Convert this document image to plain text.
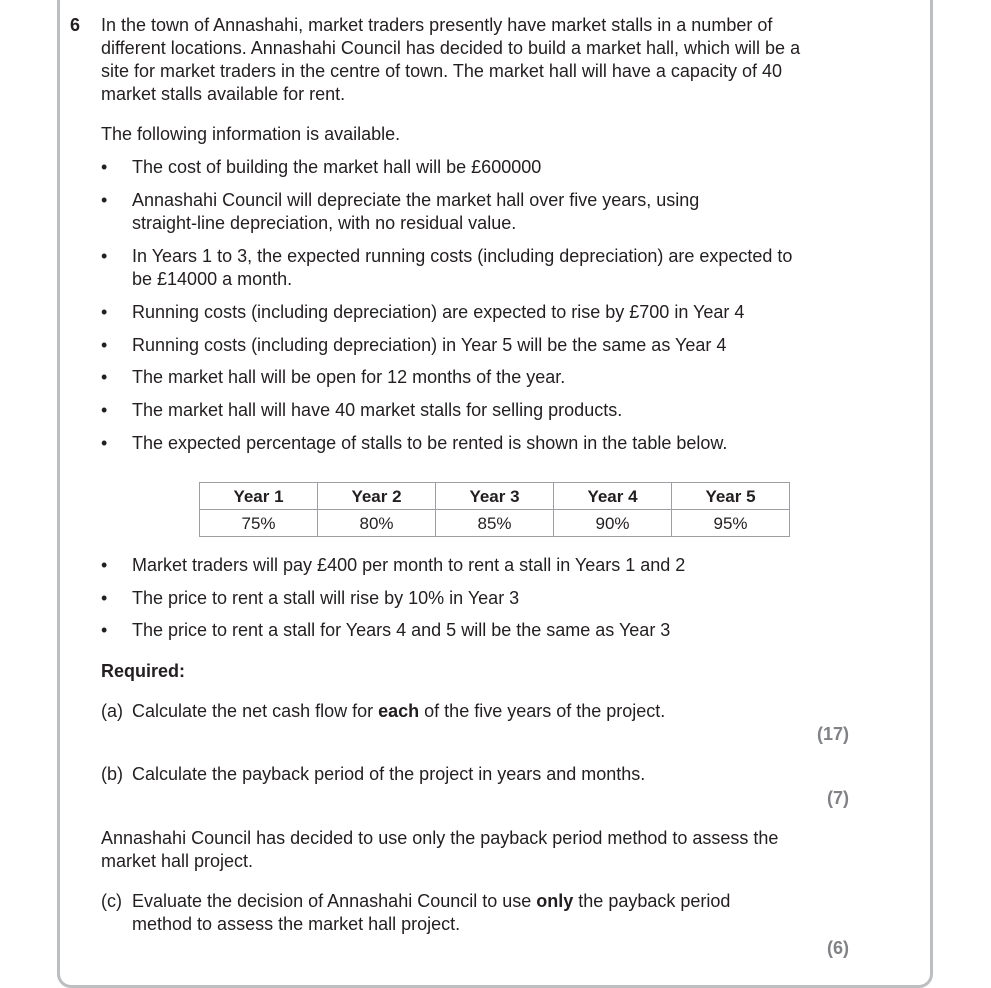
6 In the town of Annashahi, market traders presently have market stalls in a number of different locations. Annashahi Council has decided to build a market hall, which will be a site for market traders in the centre of town. The market hall will have a capacity of 40 market stalls available for rent.
The following information is available.
• The cost of building the market hall will be £600000
• Annashahi Council will depreciate the market hall over five years, using straight-line depreciation, with no residual value.
• In Years 1 to 3, the expected running costs (including depreciation) are expected to be £14000 a month.
• Running costs (including depreciation) are expected to rise by £700 in Year 4
• Running costs (including depreciation) in Year 5 will be the same as Year 4
• The market hall will be open for 12 months of the year.
• The market hall will have 40 market stalls for selling products.
• The expected percentage of stalls to be rented is shown in the table below.
Year 1	Year 2	Year 3	Year 4	Year 5
75%	80%	85%	90%	95%
• Market traders will pay £400 per month to rent a stall in Years 1 and 2
• The price to rent a stall will rise by 10% in Year 3
• The price to rent a stall for Years 4 and 5 will be the same as Year 3
Required:
(a) Calculate the net cash flow for each of the five years of the project.
(17)
(b) Calculate the payback period of the project in years and months.
(7)
Annashahi Council has decided to use only the payback period method to assess the market hall project.
(c) Evaluate the decision of Annashahi Council to use only the payback period method to assess the market hall project.
(6)
